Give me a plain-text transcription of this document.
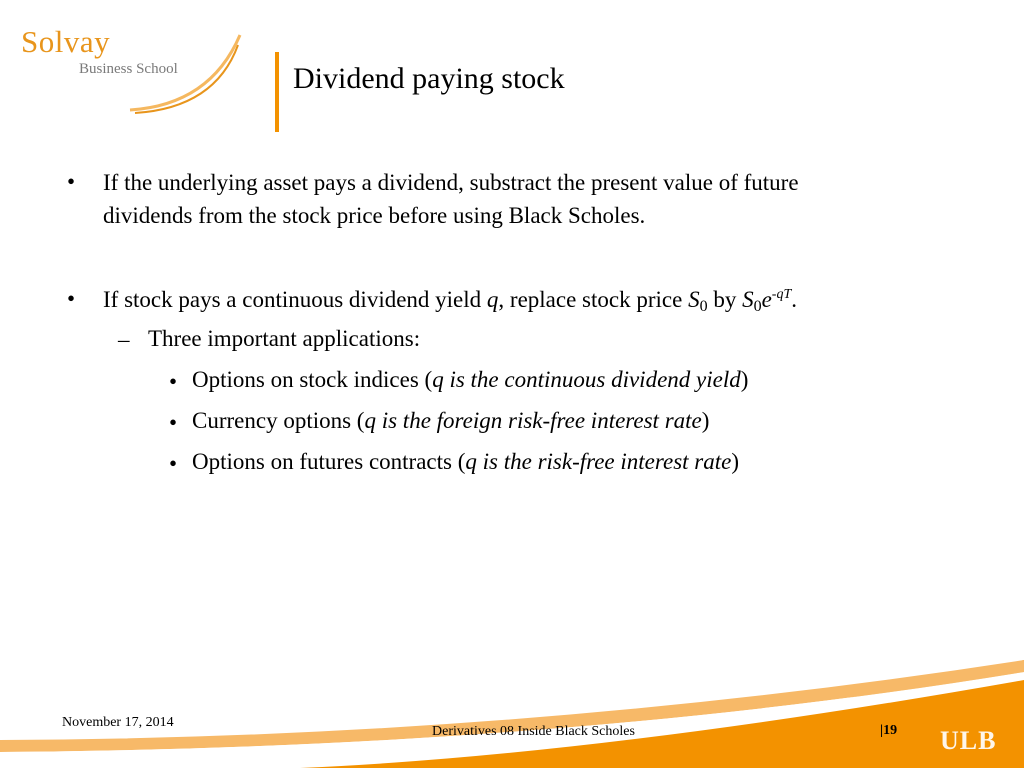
Solvay
Business School	Dividend paying stock
• If the underlying asset pays a dividend, substract the present value of future
dividends from the stock price before using Black Scholes.
• If stock pays a continuous dividend yield q, replace stock price $S_0$ by $S_0e^{-qT}$.
– Three important applications:
• Options on stock indices (q is the continuous dividend yield)
• Currency options (q is the foreign risk-free interest rate)
• Options on futures contracts (q is the risk-free interest rate)
November 17, 2014
Derivatives 08 Inside Black Scholes	|19 ULB
